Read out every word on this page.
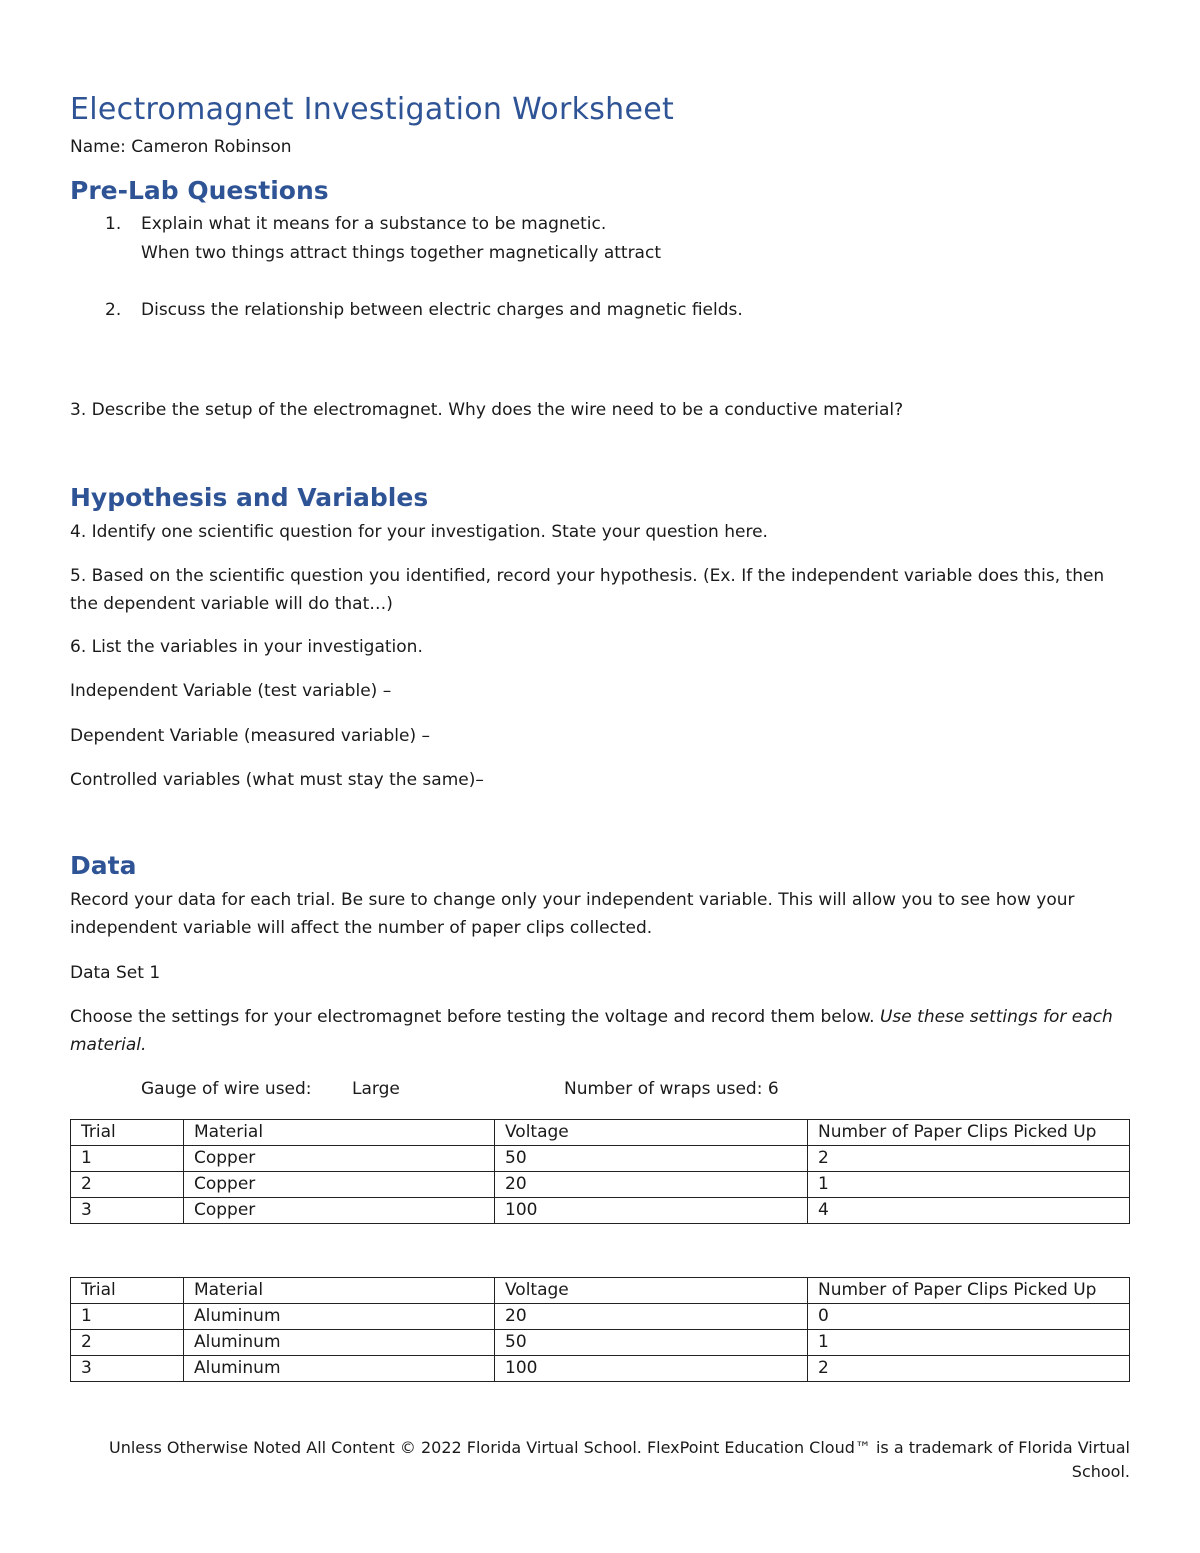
Electromagnet Investigation Worksheet
Name: Cameron Robinson
Pre-Lab Questions
1. Explain what it means for a substance to be magnetic.
When two things attract things together magnetically attract
2. Discuss the relationship between electric charges and magnetic fields.
3. Describe the setup of the electromagnet. Why does the wire need to be a conductive material?
Hypothesis and Variables
4. Identify one scientific question for your investigation. State your question here.
5. Based on the scientific question you identified, record your hypothesis. (Ex. If the independent variable does this, then the dependent variable will do that…)
6. List the variables in your investigation.
Independent Variable (test variable) –
Dependent Variable (measured variable) –
Controlled variables (what must stay the same)–
Data
Record your data for each trial. Be sure to change only your independent variable. This will allow you to see how your independent variable will affect the number of paper clips collected.
Data Set 1
Choose the settings for your electromagnet before testing the voltage and record them below. Use these settings for each material.
Gauge of wire used: Large	Number of wraps used: 6
Trial	Material	Voltage	Number of Paper Clips Picked Up
1	Copper	50	2
2	Copper	20	1
3	Copper	100	4
Trial	Material	Voltage	Number of Paper Clips Picked Up
1	Aluminum	20	0
2	Aluminum	50	1
3	Aluminum	100	2
Unless Otherwise Noted All Content © 2022 Florida Virtual School. FlexPoint Education Cloud™ is a trademark of Florida Virtual School.
